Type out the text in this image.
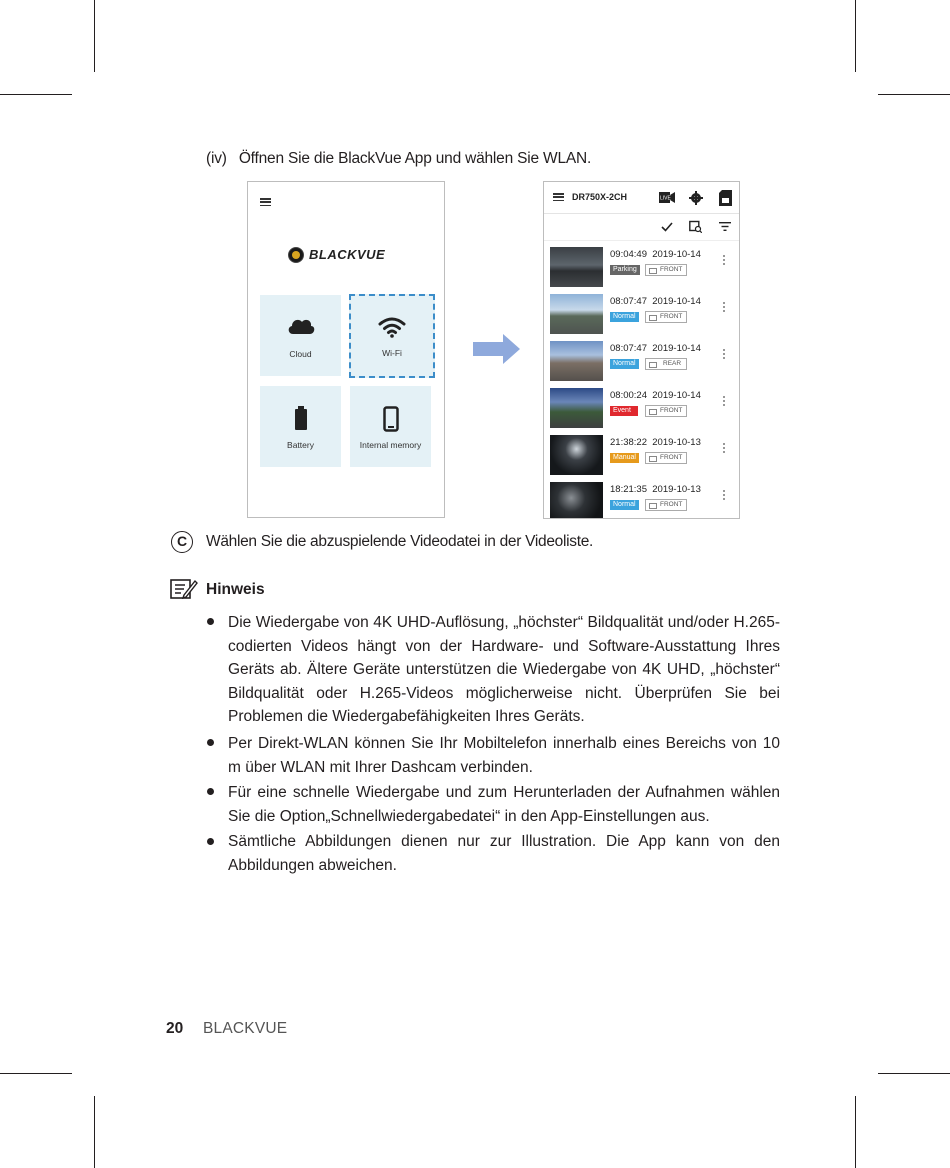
(iv) Öffnen Sie die BlackVue App und wählen Sie WLAN.
BLACKVUE
Cloud	Wi-Fi
Battery	Internal memory
DR750X-2CH	LIVE
09:04:49 2019-10-14
Parking	FRONT
08:07:47 2019-10-14
Normal	FRONT
08:07:47 2019-10-14
Normal	REAR
08:00:24 2019-10-14
Event	FRONT
21:38:22 2019-10-13
Manual	FRONT
18:21:35 2019-10-13
Normal	FRONT
C	Wählen Sie die abzuspielende Videodatei in der Videoliste.
Hinweis
Die Wiedergabe von 4K UHD-Auflösung, „höchster“ Bildqualität und/oder H.265-codierten Videos hängt von der Hardware- und Software-Ausstattung Ihres Geräts ab. Ältere Geräte unterstützen die Wiedergabe von 4K UHD, „höchster“ Bildqualität oder H.265-Videos möglicherweise nicht. Überprüfen Sie bei Problemen die Wiedergabefähigkeiten Ihres Geräts.
Per Direkt-WLAN können Sie Ihr Mobiltelefon innerhalb eines Bereichs von 10 m über WLAN mit Ihrer Dashcam verbinden.
Für eine schnelle Wiedergabe und zum Herunterladen der Aufnahmen wählen Sie die Option„Schnellwiedergabedatei“ in den App-Einstellungen aus.
Sämtliche Abbildungen dienen nur zur Illustration. Die App kann von den Abbildungen abweichen.
20 BLACKVUE
